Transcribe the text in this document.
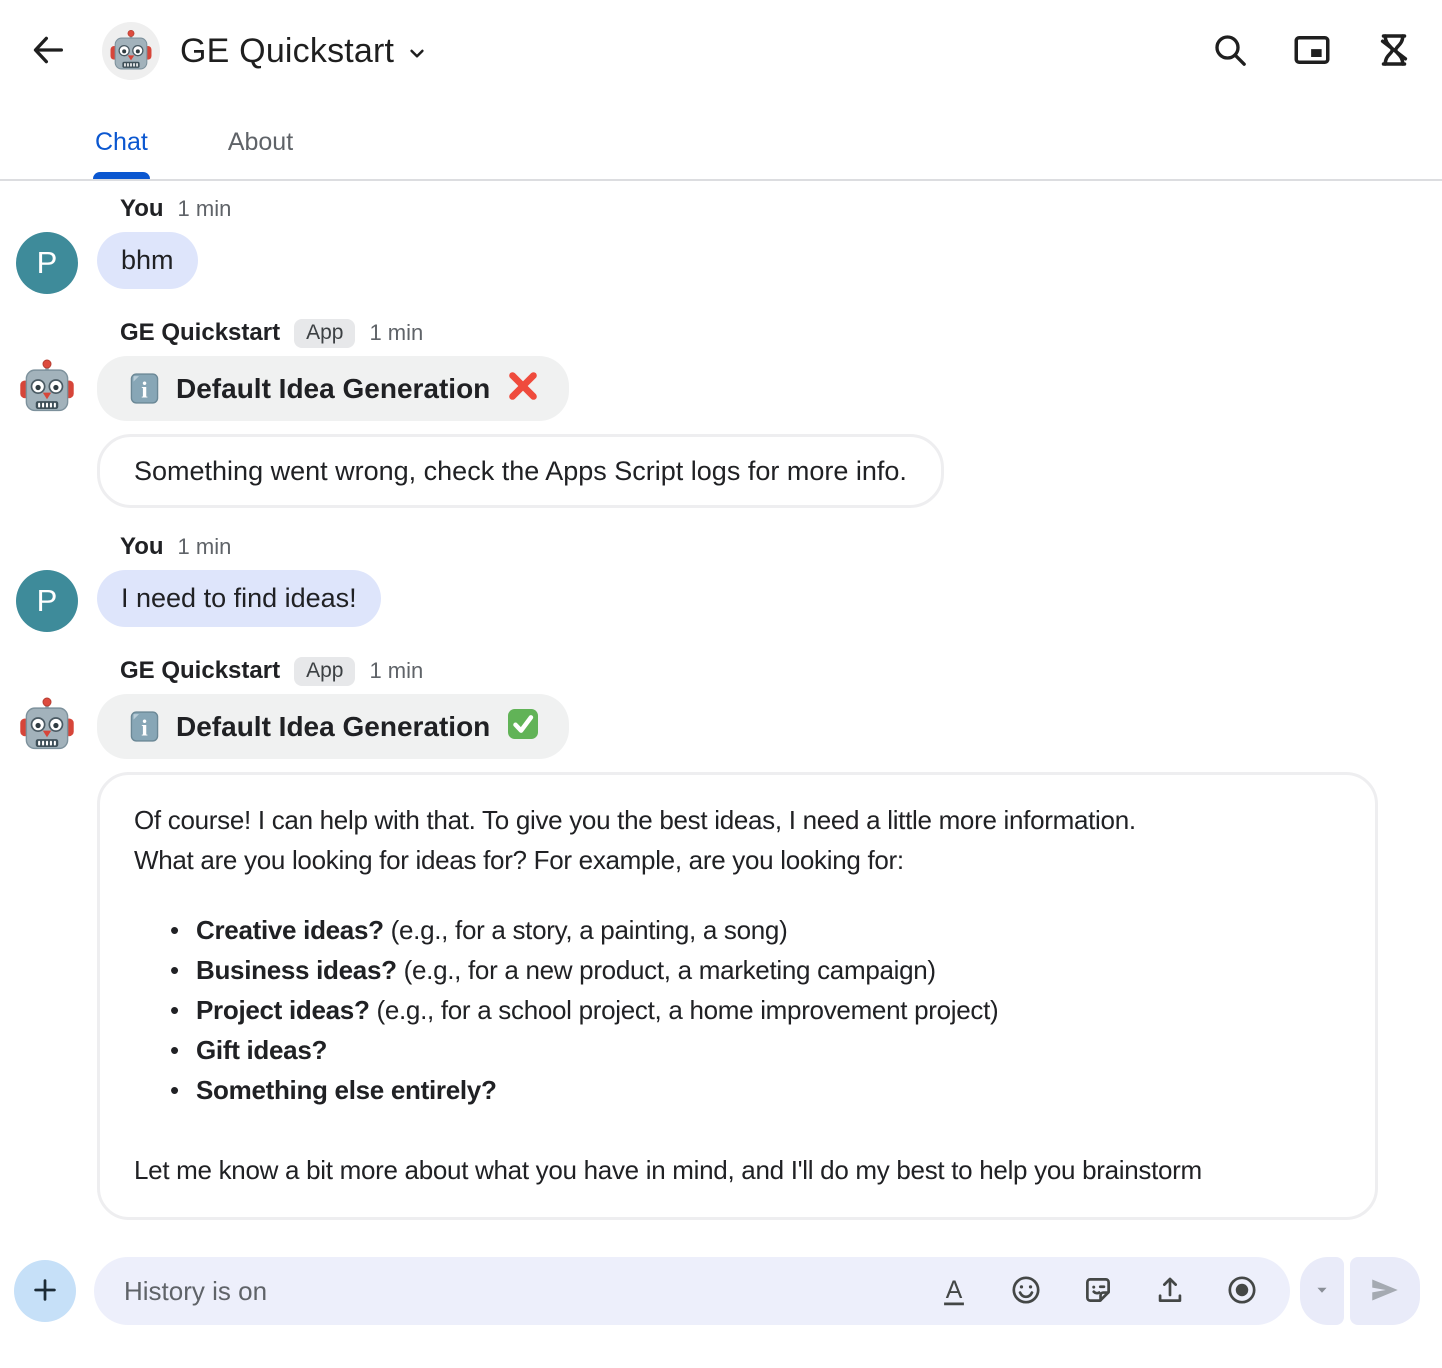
GE Quickstart
Chat	About
You 1 min
P	bhm
GE Quickstart	App	1 min
Default Idea Generation
Something went wrong, check the Apps Script logs for more info.
You 1 min
P	I need to find ideas!
GE Quickstart	App	1 min
Default Idea Generation

Of course! I can help with that. To give you the best ideas, I need a little more information.

What are you looking for ideas for? For example, are you looking for:

• Creative ideas? (e.g., for a story, a painting, a song)
• Business ideas? (e.g., for a new product, a marketing campaign)
• Project ideas? (e.g., for a school project, a home improvement project)
• Gift ideas?
• Something else entirely?

Let me know a bit more about what you have in mind, and I'll do my best to help you brainstorm

History is on
A
